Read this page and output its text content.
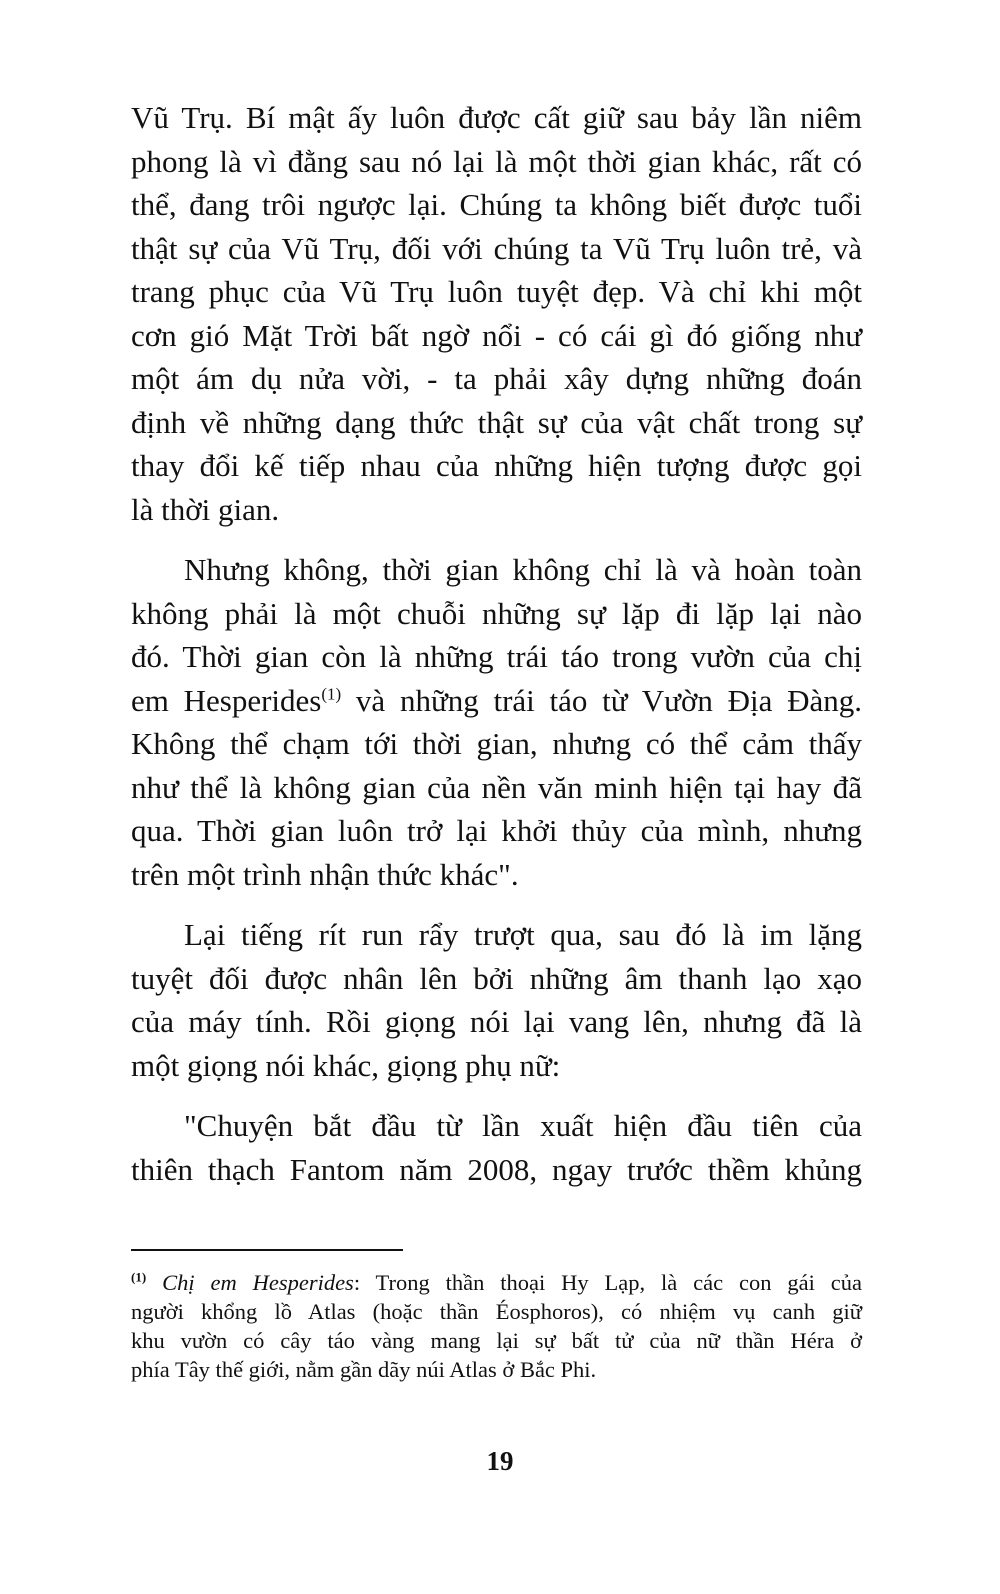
Vũ Trụ. Bí mật ấy luôn được cất giữ sau bảy lần niêm
phong là vì đằng sau nó lại là một thời gian khác, rất có
thể, đang trôi ngược lại. Chúng ta không biết được tuổi
thật sự của Vũ Trụ, đối với chúng ta Vũ Trụ luôn trẻ, và
trang phục của Vũ Trụ luôn tuyệt đẹp. Và chỉ khi một
cơn gió Mặt Trời bất ngờ nổi - có cái gì đó giống như
một ám dụ nửa vời, - ta phải xây dựng những đoán
định về những dạng thức thật sự của vật chất trong sự
thay đổi kế tiếp nhau của những hiện tượng được gọi
là thời gian.
Nhưng không, thời gian không chỉ là và hoàn toàn
không phải là một chuỗi những sự lặp đi lặp lại nào
đó. Thời gian còn là những trái táo trong vườn của chị
em Hesperides$^{(1)}$ và những trái táo từ Vườn Địa Đàng.
Không thể chạm tới thời gian, nhưng có thể cảm thấy
như thể là không gian của nền văn minh hiện tại hay đã
qua. Thời gian luôn trở lại khởi thủy của mình, nhưng
trên một trình nhận thức khác".
Lại tiếng rít run rẩy trượt qua, sau đó là im lặng
tuyệt đối được nhân lên bởi những âm thanh lạo xạo
của máy tính. Rồi giọng nói lại vang lên, nhưng đã là
một giọng nói khác, giọng phụ nữ:
"Chuyện bắt đầu từ lần xuất hiện đầu tiên của
thiên thạch Fantom năm 2008, ngay trước thềm khủng
$^{(1)}$ Chị em Hesperides: Trong thần thoại Hy Lạp, là các con gái của
người khổng lồ Atlas (hoặc thần Éosphoros), có nhiệm vụ canh giữ
khu vườn có cây táo vàng mang lại sự bất tử của nữ thần Héra ở
phía Tây thế giới, nằm gần dãy núi Atlas ở Bắc Phi.
19
